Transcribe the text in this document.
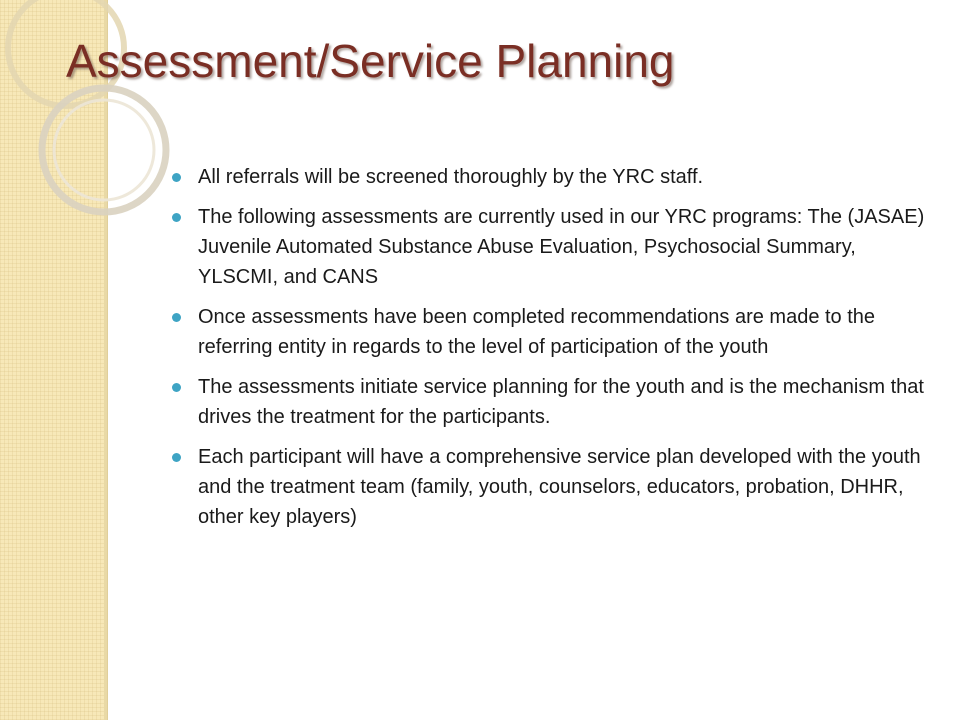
Assessment/Service Planning
All referrals will be screened thoroughly by the YRC staff.
The following assessments are currently used in our YRC programs: The (JASAE) Juvenile Automated Substance Abuse Evaluation, Psychosocial Summary, YLSCMI, and CANS
Once assessments have been completed recommendations are made to the referring entity in regards to the level of participation of the youth
The assessments initiate service planning for the youth and is the mechanism that drives the treatment for the participants.
Each participant will have a comprehensive service plan developed with the youth and the treatment team (family, youth, counselors, educators, probation, DHHR, other key players)
